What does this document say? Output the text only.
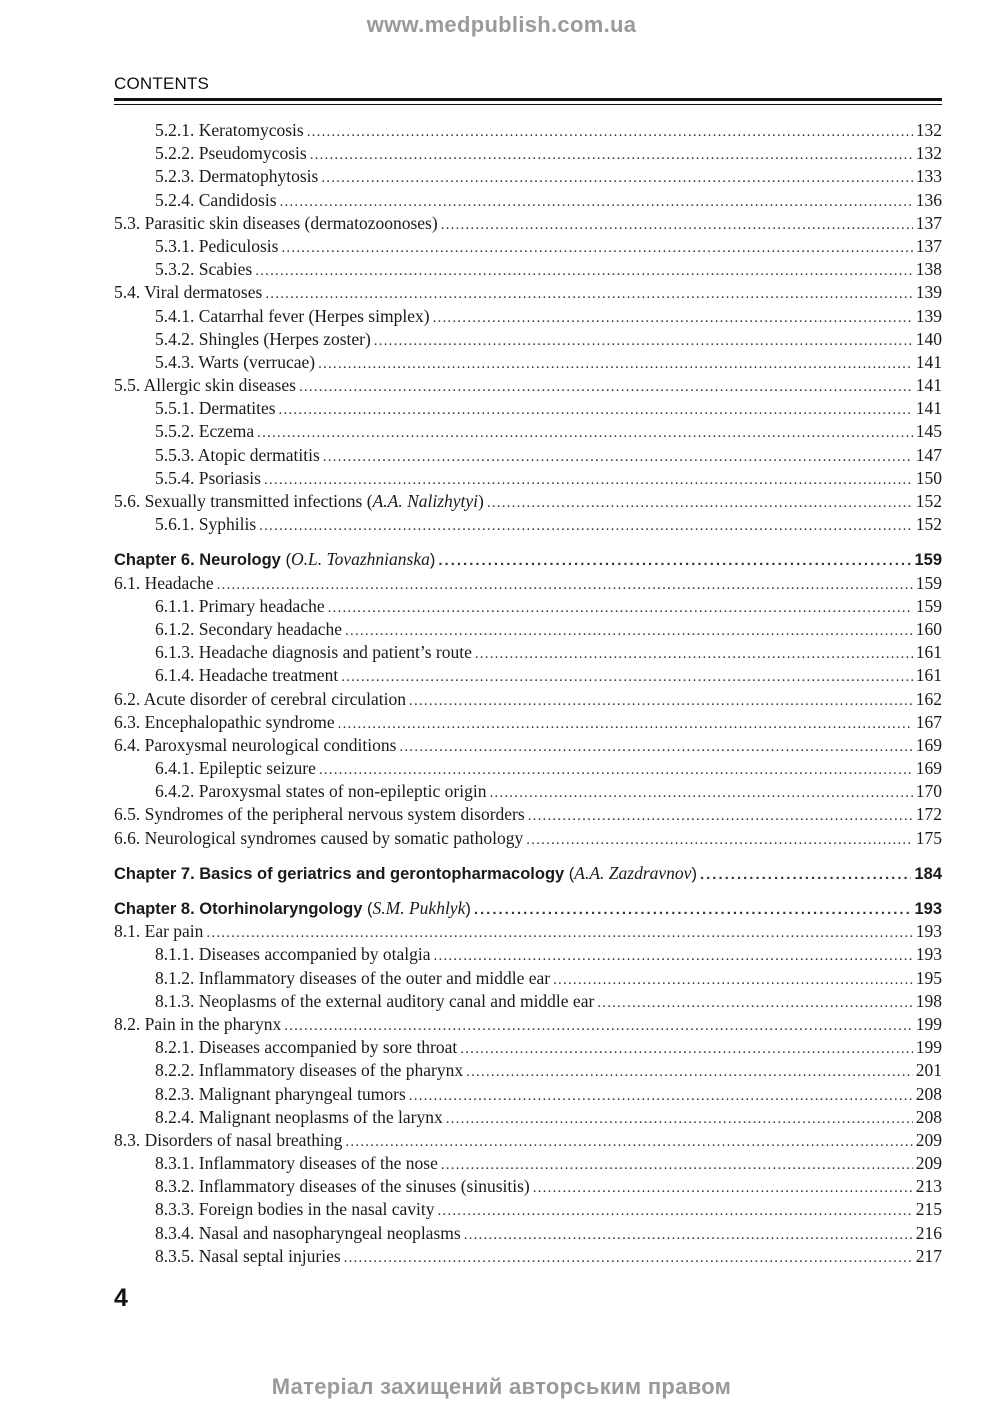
www.medpublish.com.ua
CONTENTS
5.2.1. Keratomycosis .....	132
5.2.2. Pseudomycosis .....	132
5.2.3. Dermatophytosis .....	133
5.2.4. Candidosis .....	136
5.3. Parasitic skin diseases (dermatozoonoses) .....	137
5.3.1. Pediculosis .....	137
5.3.2. Scabies .....	138
5.4. Viral dermatoses .....	139
5.4.1. Catarrhal fever (Herpes simplex) .....	139
5.4.2. Shingles (Herpes zoster) .....	140
5.4.3. Warts (verrucae) .....	141
5.5. Allergic skin diseases .....	141
5.5.1. Dermatites .....	141
5.5.2. Eczema .....	145
5.5.3. Atopic dermatitis .....	147
5.5.4. Psoriasis .....	150
5.6. Sexually transmitted infections (A.A. Nalizhytyi) .....	152
5.6.1. Syphilis .....	152
Chapter 6. Neurology (O.L. Tovazhnianska) .....	159
6.1. Headache .....	159
6.1.1. Primary headache .....	159
6.1.2. Secondary headache .....	160
6.1.3. Headache diagnosis and patient’s route .....	161
6.1.4. Headache treatment .....	161
6.2. Acute disorder of cerebral circulation .....	162
6.3. Encephalopathic syndrome .....	167
6.4. Paroxysmal neurological conditions .....	169
6.4.1. Epileptic seizure .....	169
6.4.2. Paroxysmal states of non-epileptic origin .....	170
6.5. Syndromes of the peripheral nervous system disorders .....	172
6.6. Neurological syndromes caused by somatic pathology .....	175
Chapter 7. Basics of geriatrics and gerontopharmacology (A.A. Zazdravnov) .....	184
Chapter 8. Otorhinolaryngology (S.M. Pukhlyk) .....	193
8.1. Ear pain .....	193
8.1.1. Diseases accompanied by otalgia .....	193
8.1.2. Inflammatory diseases of the outer and middle ear .....	195
8.1.3. Neoplasms of the external auditory canal and middle ear .....	198
8.2. Pain in the pharynx .....	199
8.2.1. Diseases accompanied by sore throat .....	199
8.2.2. Inflammatory diseases of the pharynx .....	201
8.2.3. Malignant pharyngeal tumors .....	208
8.2.4. Malignant neoplasms of the larynx .....	208
8.3. Disorders of nasal breathing .....	209
8.3.1. Inflammatory diseases of the nose .....	209
8.3.2. Inflammatory diseases of the sinuses (sinusitis) .....	213
8.3.3. Foreign bodies in the nasal cavity .....	215
8.3.4. Nasal and nasopharyngeal neoplasms .....	216
8.3.5. Nasal septal injuries .....	217
4
Матеріал захищений авторським правом
